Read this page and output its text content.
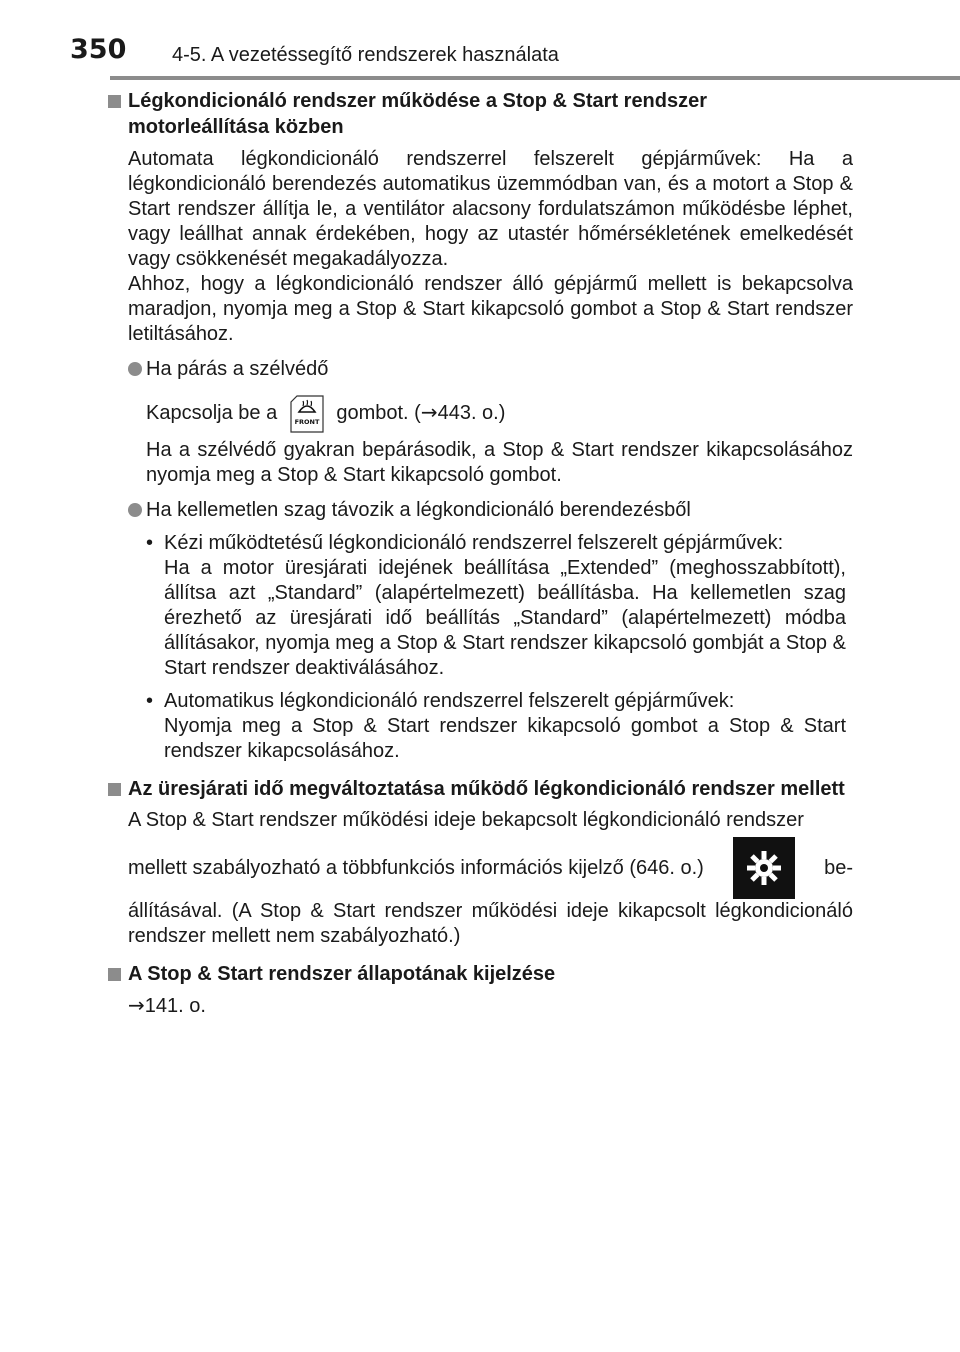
350 4-5. A vezetéssegítő rendszerek használata
Légkondicionáló rendszer működése a Stop & Start rendszer motorleállítása közben
Automata légkondicionáló rendszerrel felszerelt gépjárművek: Ha a légkondicionáló berendezés automatikus üzemmódban van, és a motort a Stop & Start rendszer állítja le, a ventilátor alacsony fordulatszámon működésbe léphet, vagy leállhat annak érdekében, hogy az utastér hőmérsékletének emelkedését vagy csökkenését megakadályozza.
Ahhoz, hogy a légkondicionáló rendszer álló gépjármű mellett is bekapcsolva maradjon, nyomja meg a Stop & Start kikapcsoló gombot a Stop & Start rendszer letiltásához.
Ha párás a szélvédő
Kapcsolja be a	FRONT gombot. (→443. o.)
Ha a szélvédő gyakran bepárásodik, a Stop & Start rendszer kikapcsolásához nyomja meg a Stop & Start kikapcsoló gombot.
Ha kellemetlen szag távozik a légkondicionáló berendezésből
• Kézi működtetésű légkondicionáló rendszerrel felszerelt gépjárművek:
Ha a motor üresjárati idejének beállítása „Extended” (meghosszabbított), állítsa azt „Standard” (alapértelmezett) beállításba. Ha kellemetlen szag érezhető az üresjárati idő beállítás „Standard” (alapértelmezett) módba állításakor, nyomja meg a Stop & Start rendszer kikapcsoló gombját a Stop & Start rendszer deaktiválásához.
• Automatikus légkondicionáló rendszerrel felszerelt gépjárművek:
Nyomja meg a Stop & Start rendszer kikapcsoló gombot a Stop & Start rendszer kikapcsolásához.
Az üresjárati idő megváltoztatása működő légkondicionáló rendszer mellett
A Stop & Start rendszer működési ideje bekapcsolt légkondicionáló rendszer
mellett szabályozható a többfunkciós információs kijelző (646. o.)	be-
állításával. (A Stop & Start rendszer működési ideje kikapcsolt légkondicionáló rendszer mellett nem szabályozható.)
A Stop & Start rendszer állapotának kijelzése
→141. o.
